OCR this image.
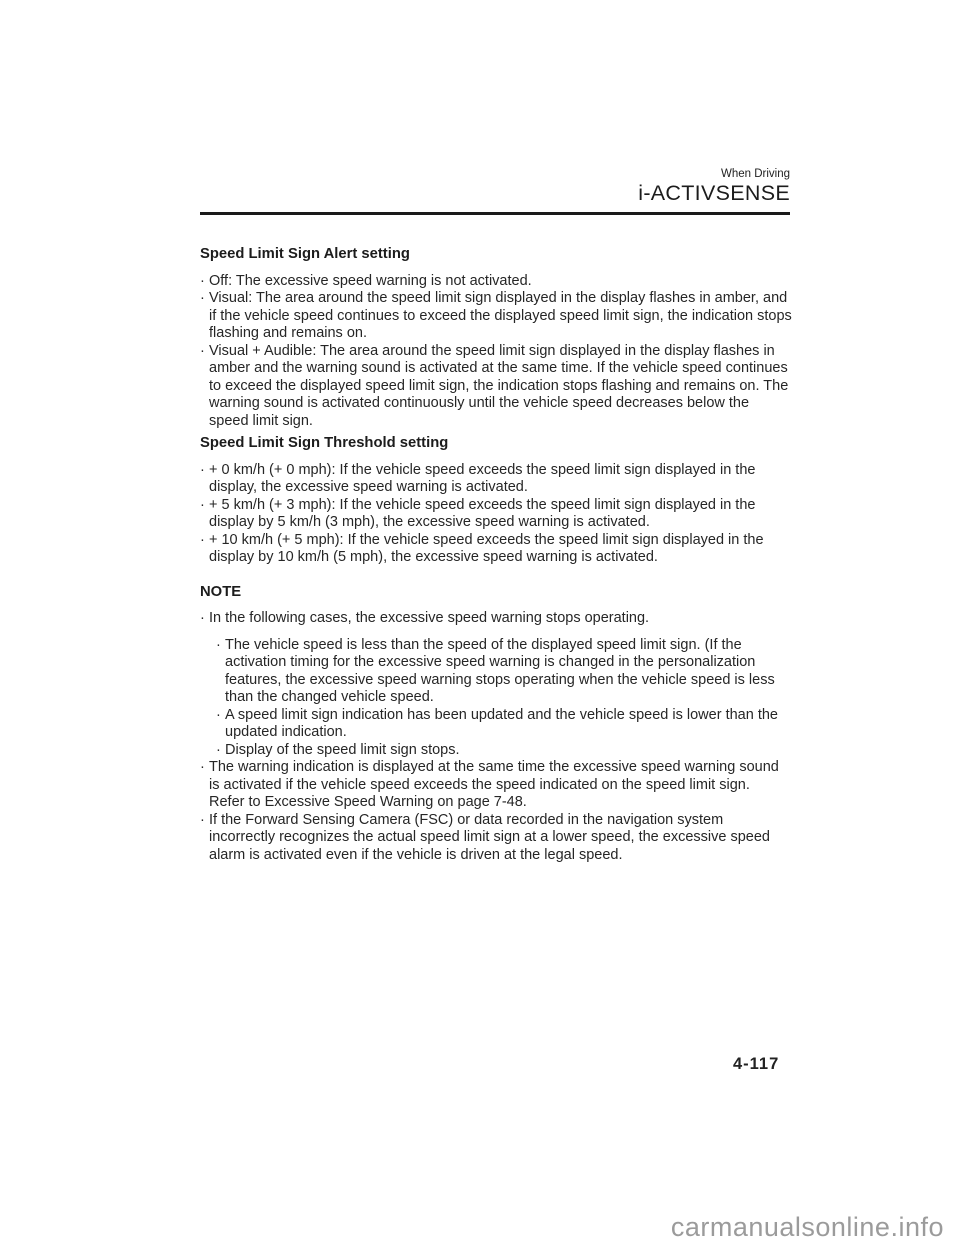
When Driving
i-ACTIVSENSE
Speed Limit Sign Alert setting
· Off: The excessive speed warning is not activated.
· Visual: The area around the speed limit sign displayed in the display flashes in amber, and if the vehicle speed continues to exceed the displayed speed limit sign, the indication stops flashing and remains on.
· Visual + Audible: The area around the speed limit sign displayed in the display flashes in amber and the warning sound is activated at the same time. If the vehicle speed continues to exceed the displayed speed limit sign, the indication stops flashing and remains on. The warning sound is activated continuously until the vehicle speed decreases below the speed limit sign.
Speed Limit Sign Threshold setting
· + 0 km/h (+ 0 mph): If the vehicle speed exceeds the speed limit sign displayed in the display, the excessive speed warning is activated.
· + 5 km/h (+ 3 mph): If the vehicle speed exceeds the speed limit sign displayed in the display by 5 km/h (3 mph), the excessive speed warning is activated.
· + 10 km/h (+ 5 mph): If the vehicle speed exceeds the speed limit sign displayed in the display by 10 km/h (5 mph), the excessive speed warning is activated.
NOTE
· In the following cases, the excessive speed warning stops operating.
· The vehicle speed is less than the speed of the displayed speed limit sign. (If the activation timing for the excessive speed warning is changed in the personalization features, the excessive speed warning stops operating when the vehicle speed is less than the changed vehicle speed.
· A speed limit sign indication has been updated and the vehicle speed is lower than the updated indication.
· Display of the speed limit sign stops.
· The warning indication is displayed at the same time the excessive speed warning sound is activated if the vehicle speed exceeds the speed indicated on the speed limit sign.
Refer to Excessive Speed Warning on page 7-48.
· If the Forward Sensing Camera (FSC) or data recorded in the navigation system incorrectly recognizes the actual speed limit sign at a lower speed, the excessive speed alarm is activated even if the vehicle is driven at the legal speed.
4-117
carmanualsonline.info
